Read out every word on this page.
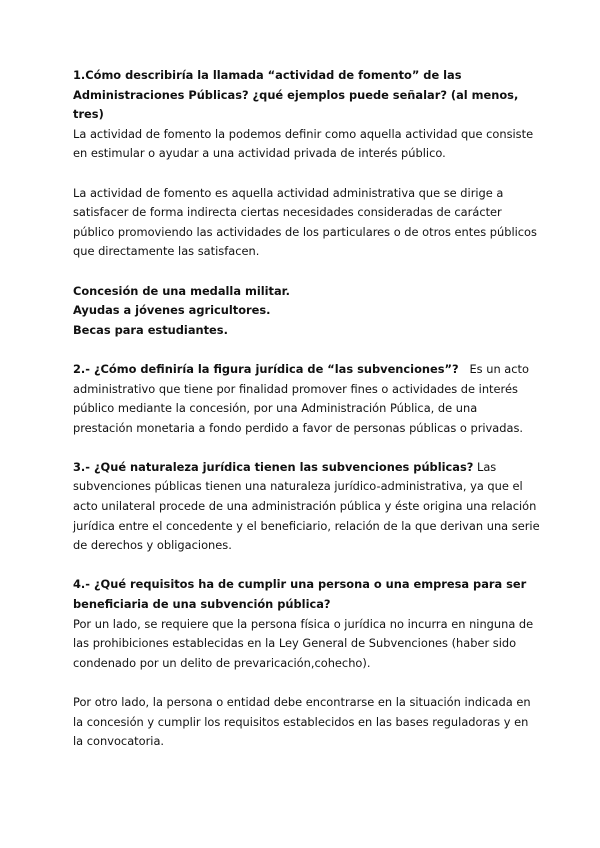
1.Cómo describiría la llamada “actividad de fomento” de las
Administraciones Públicas? ¿qué ejemplos puede señalar? (al menos, tres)
La actividad de fomento la podemos definir como aquella actividad que consiste en estimular o ayudar a una actividad privada de interés público.
La actividad de fomento es aquella actividad administrativa que se dirige a satisfacer de forma indirecta ciertas necesidades consideradas de carácter público promoviendo las actividades de los particulares o de otros entes públicos que directamente las satisfacen.
Concesión de una medalla militar.
Ayudas a jóvenes agricultores.
Becas para estudiantes.

2.- ¿Cómo definiría la figura jurídica de “las subvenciones”? Es un acto administrativo que tiene por finalidad promover fines o actividades de interés público mediante la concesión, por una Administración Pública, de una prestación monetaria a fondo perdido a favor de personas públicas o privadas.

3.- ¿Qué naturaleza jurídica tienen las subvenciones públicas? Las subvenciones públicas tienen una naturaleza jurídico-administrativa, ya que el acto unilateral procede de una administración pública y éste origina una relación jurídica entre el concedente y el beneficiario, relación de la que derivan una serie de derechos y obligaciones.

4.- ¿Qué requisitos ha de cumplir una persona o una empresa para ser beneficiaria de una subvención pública?
Por un lado, se requiere que la persona física o jurídica no incurra en ninguna de las prohibiciones establecidas en la Ley General de Subvenciones (haber sido condenado por un delito de prevaricación,cohecho).
Por otro lado, la persona o entidad debe encontrarse en la situación indicada en la concesión y cumplir los requisitos establecidos en las bases reguladoras y en la convocatoria.
